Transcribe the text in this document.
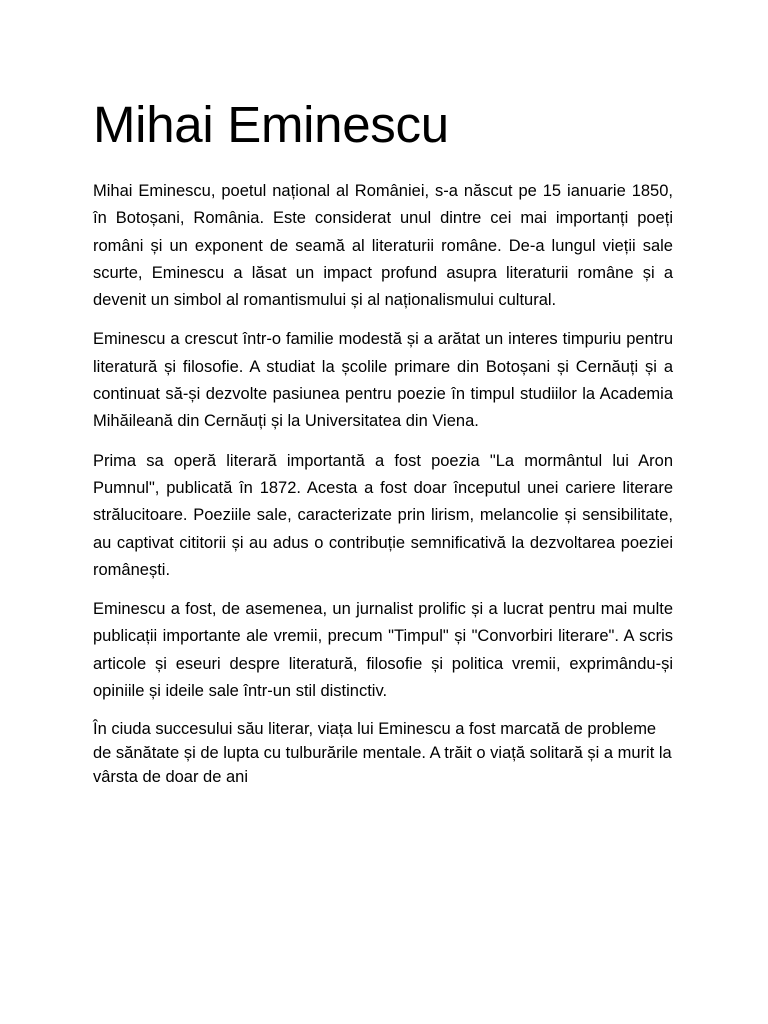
Mihai Eminescu

Mihai Eminescu, poetul național al României, s-a născut pe 15 ianuarie 1850, în Botoșani, România. Este considerat unul dintre cei mai importanți poeți români și un exponent de seamă al literaturii române. De-a lungul vieții sale scurte, Eminescu a lăsat un impact profund asupra literaturii române și a devenit un simbol al romantismului și al naționalismului cultural.

Eminescu a crescut într-o familie modestă și a arătat un interes timpuriu pentru literatură și filosofie. A studiat la școlile primare din Botoșani și Cernăuți și a continuat să-și dezvolte pasiunea pentru poezie în timpul studiilor la Academia Mihăileană din Cernăuți și la Universitatea din Viena.

Prima sa operă literară importantă a fost poezia "La mormântul lui Aron Pumnul", publicată în 1872. Acesta a fost doar începutul unei cariere literare strălucitoare. Poeziile sale, caracterizate prin lirism, melancolie și sensibilitate, au captivat cititorii și au adus o contribuție semnificativă la dezvoltarea poeziei românești.

Eminescu a fost, de asemenea, un jurnalist prolific și a lucrat pentru mai multe publicații importante ale vremii, precum "Timpul" și "Convorbiri literare". A scris articole și eseuri despre literatură, filosofie și politica vremii, exprimându-și opiniile și ideile sale într-un stil distinctiv.

În ciuda succesului său literar, viața lui Eminescu a fost marcată de probleme de sănătate și de lupta cu tulburările mentale. A trăit o viață solitară și a murit la vârsta de doar de ani
